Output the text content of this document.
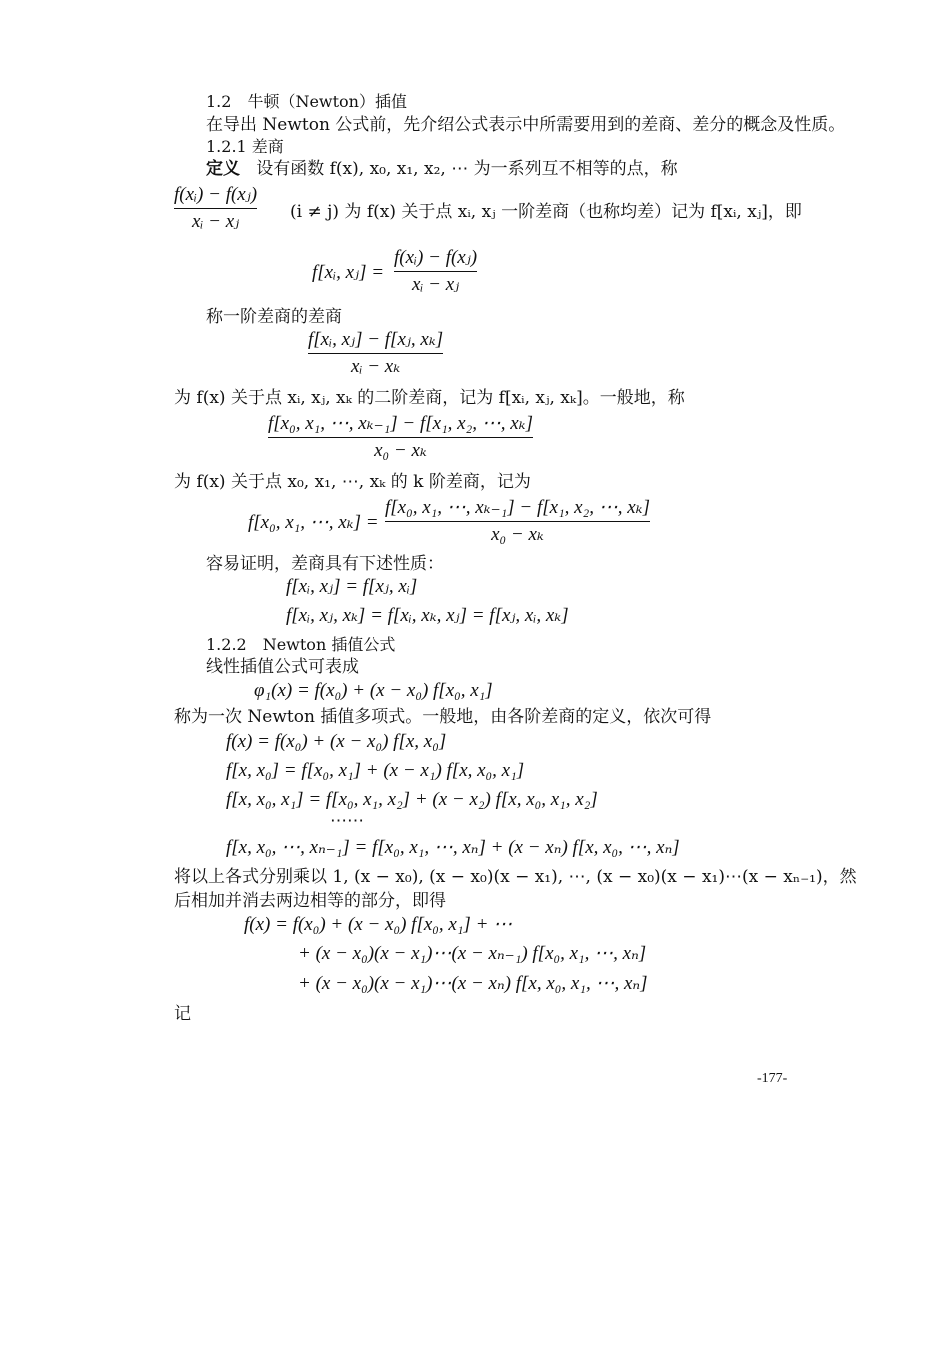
1.2　牛顿（Newton）插值
在导出 Newton 公式前，先介绍公式表示中所需要用到的差商、差分的概念及性质。
1.2.1 差商
定义 设有函数 f(x), x₀, x₁, x₂, ⋯ 为一系列互不相等的点，称
f(xᵢ) − f(xⱼ)
xᵢ − xⱼ	(i ≠ j) 为 f(x) 关于点 xᵢ, xⱼ 一阶差商（也称均差）记为 f[xᵢ, xⱼ]，即
f[xᵢ, xⱼ] =
f(xᵢ) − f(xⱼ)
xᵢ − xⱼ
称一阶差商的差商
f[xᵢ, xⱼ] − f[xⱼ, xₖ]
xᵢ − xₖ
为 f(x) 关于点 xᵢ, xⱼ, xₖ 的二阶差商，记为 f[xᵢ, xⱼ, xₖ]。一般地，称
f[x₀, x₁, ⋯, xₖ₋₁] − f[x₁, x₂, ⋯, xₖ]
x₀ − xₖ
为 f(x) 关于点 x₀, x₁, ⋯, xₖ 的 k 阶差商，记为
f[x₀, x₁, ⋯, xₖ] =
f[x₀, x₁, ⋯, xₖ₋₁] − f[x₁, x₂, ⋯, xₖ]
x₀ − xₖ
容易证明，差商具有下述性质：
f[xᵢ, xⱼ] = f[xⱼ, xᵢ]
f[xᵢ, xⱼ, xₖ] = f[xᵢ, xₖ, xⱼ] = f[xⱼ, xᵢ, xₖ]
1.2.2　Newton 插值公式
线性插值公式可表成
φ₁(x) = f(x₀) + (x − x₀) f[x₀, x₁]
称为一次 Newton 插值多项式。一般地，由各阶差商的定义，依次可得
f(x) = f(x₀) + (x − x₀) f[x, x₀]
f[x, x₀] = f[x₀, x₁] + (x − x₁) f[x, x₀, x₁]
f[x, x₀, x₁] = f[x₀, x₁, x₂] + (x − x₂) f[x, x₀, x₁, x₂]
⋯⋯
f[x, x₀, ⋯, xₙ₋₁] = f[x₀, x₁, ⋯, xₙ] + (x − xₙ) f[x, x₀, ⋯, xₙ]
将以上各式分别乘以 1, (x − x₀), (x − x₀)(x − x₁), ⋯, (x − x₀)(x − x₁)⋯(x − xₙ₋₁)，然
后相加并消去两边相等的部分，即得
f(x) = f(x₀) + (x − x₀) f[x₀, x₁] + ⋯
+ (x − x₀)(x − x₁)⋯(x − xₙ₋₁) f[x₀, x₁, ⋯, xₙ]
+ (x − x₀)(x − x₁)⋯(x − xₙ) f[x, x₀, x₁, ⋯, xₙ]
记
-177-
